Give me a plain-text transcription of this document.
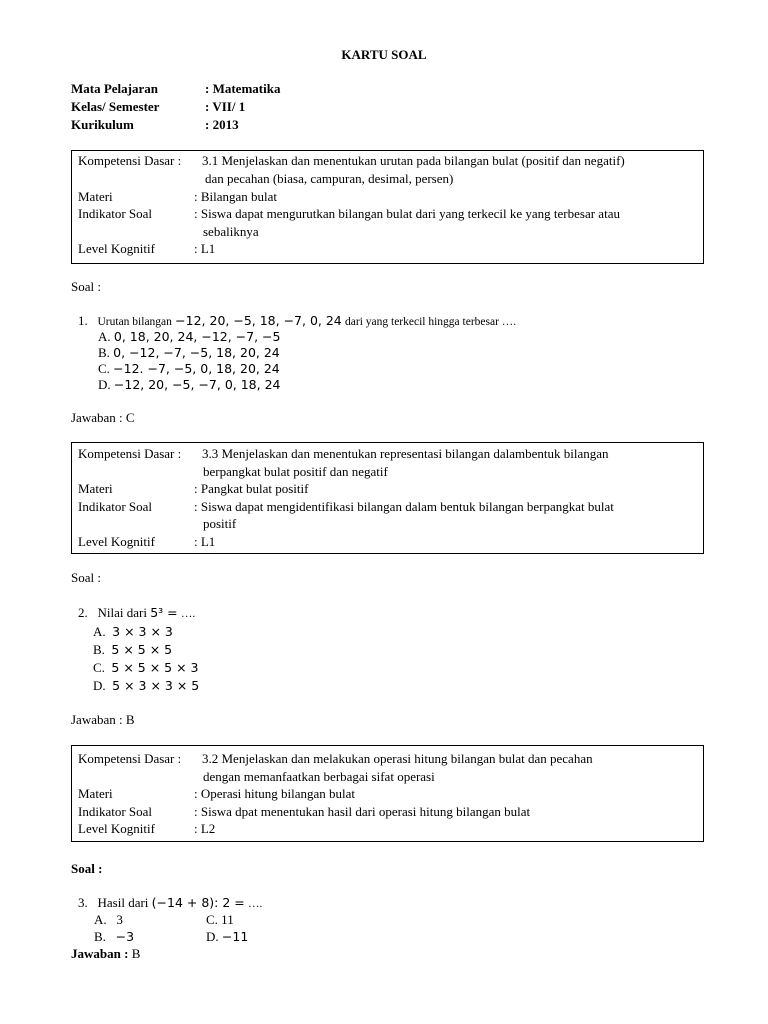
KARTU SOAL
Mata Pelajaran	: Matematika
Kelas/ Semester	: VII/ 1
Kurikulum	: 2013
Kompetensi Dasar : 3.1 Menjelaskan dan menentukan urutan pada bilangan bulat (positif dan negatif)
dan pecahan (biasa, campuran, desimal, persen)
Materi	: Bilangan bulat
Indikator Soal	: Siswa dapat mengurutkan bilangan bulat dari yang terkecil ke yang terbesar atau
sebaliknya
Level Kognitif	: L1
Soal :
1. Urutan bilangan −12, 20, −5, 18, −7, 0, 24 dari yang terkecil hingga terbesar ….
A. 0, 18, 20, 24, −12, −7, −5
B. 0, −12, −7, −5, 18, 20, 24
C. −12. −7, −5, 0, 18, 20, 24
D. −12, 20, −5, −7, 0, 18, 24
Jawaban : C
Kompetensi Dasar : 3.3 Menjelaskan dan menentukan representasi bilangan dalambentuk bilangan
berpangkat bulat positif dan negatif
Materi	: Pangkat bulat positif
Indikator Soal	: Siswa dapat mengidentifikasi bilangan dalam bentuk bilangan berpangkat bulat
positif
Level Kognitif	: L1
Soal :
2. Nilai dari 5³ = ….
A. 3 × 3 × 3
B. 5 × 5 × 5
C. 5 × 5 × 5 × 3
D. 5 × 3 × 3 × 5
Jawaban : B
Kompetensi Dasar : 3.2 Menjelaskan dan melakukan operasi hitung bilangan bulat dan pecahan
dengan memanfaatkan berbagai sifat operasi
Materi	: Operasi hitung bilangan bulat
Indikator Soal	: Siswa dpat menentukan hasil dari operasi hitung bilangan bulat
Level Kognitif	: L2
Soal :
3. Hasil dari (−14 + 8): 2 = ….
A. 3	C. 11
B. −3	D. −11
Jawaban : B
